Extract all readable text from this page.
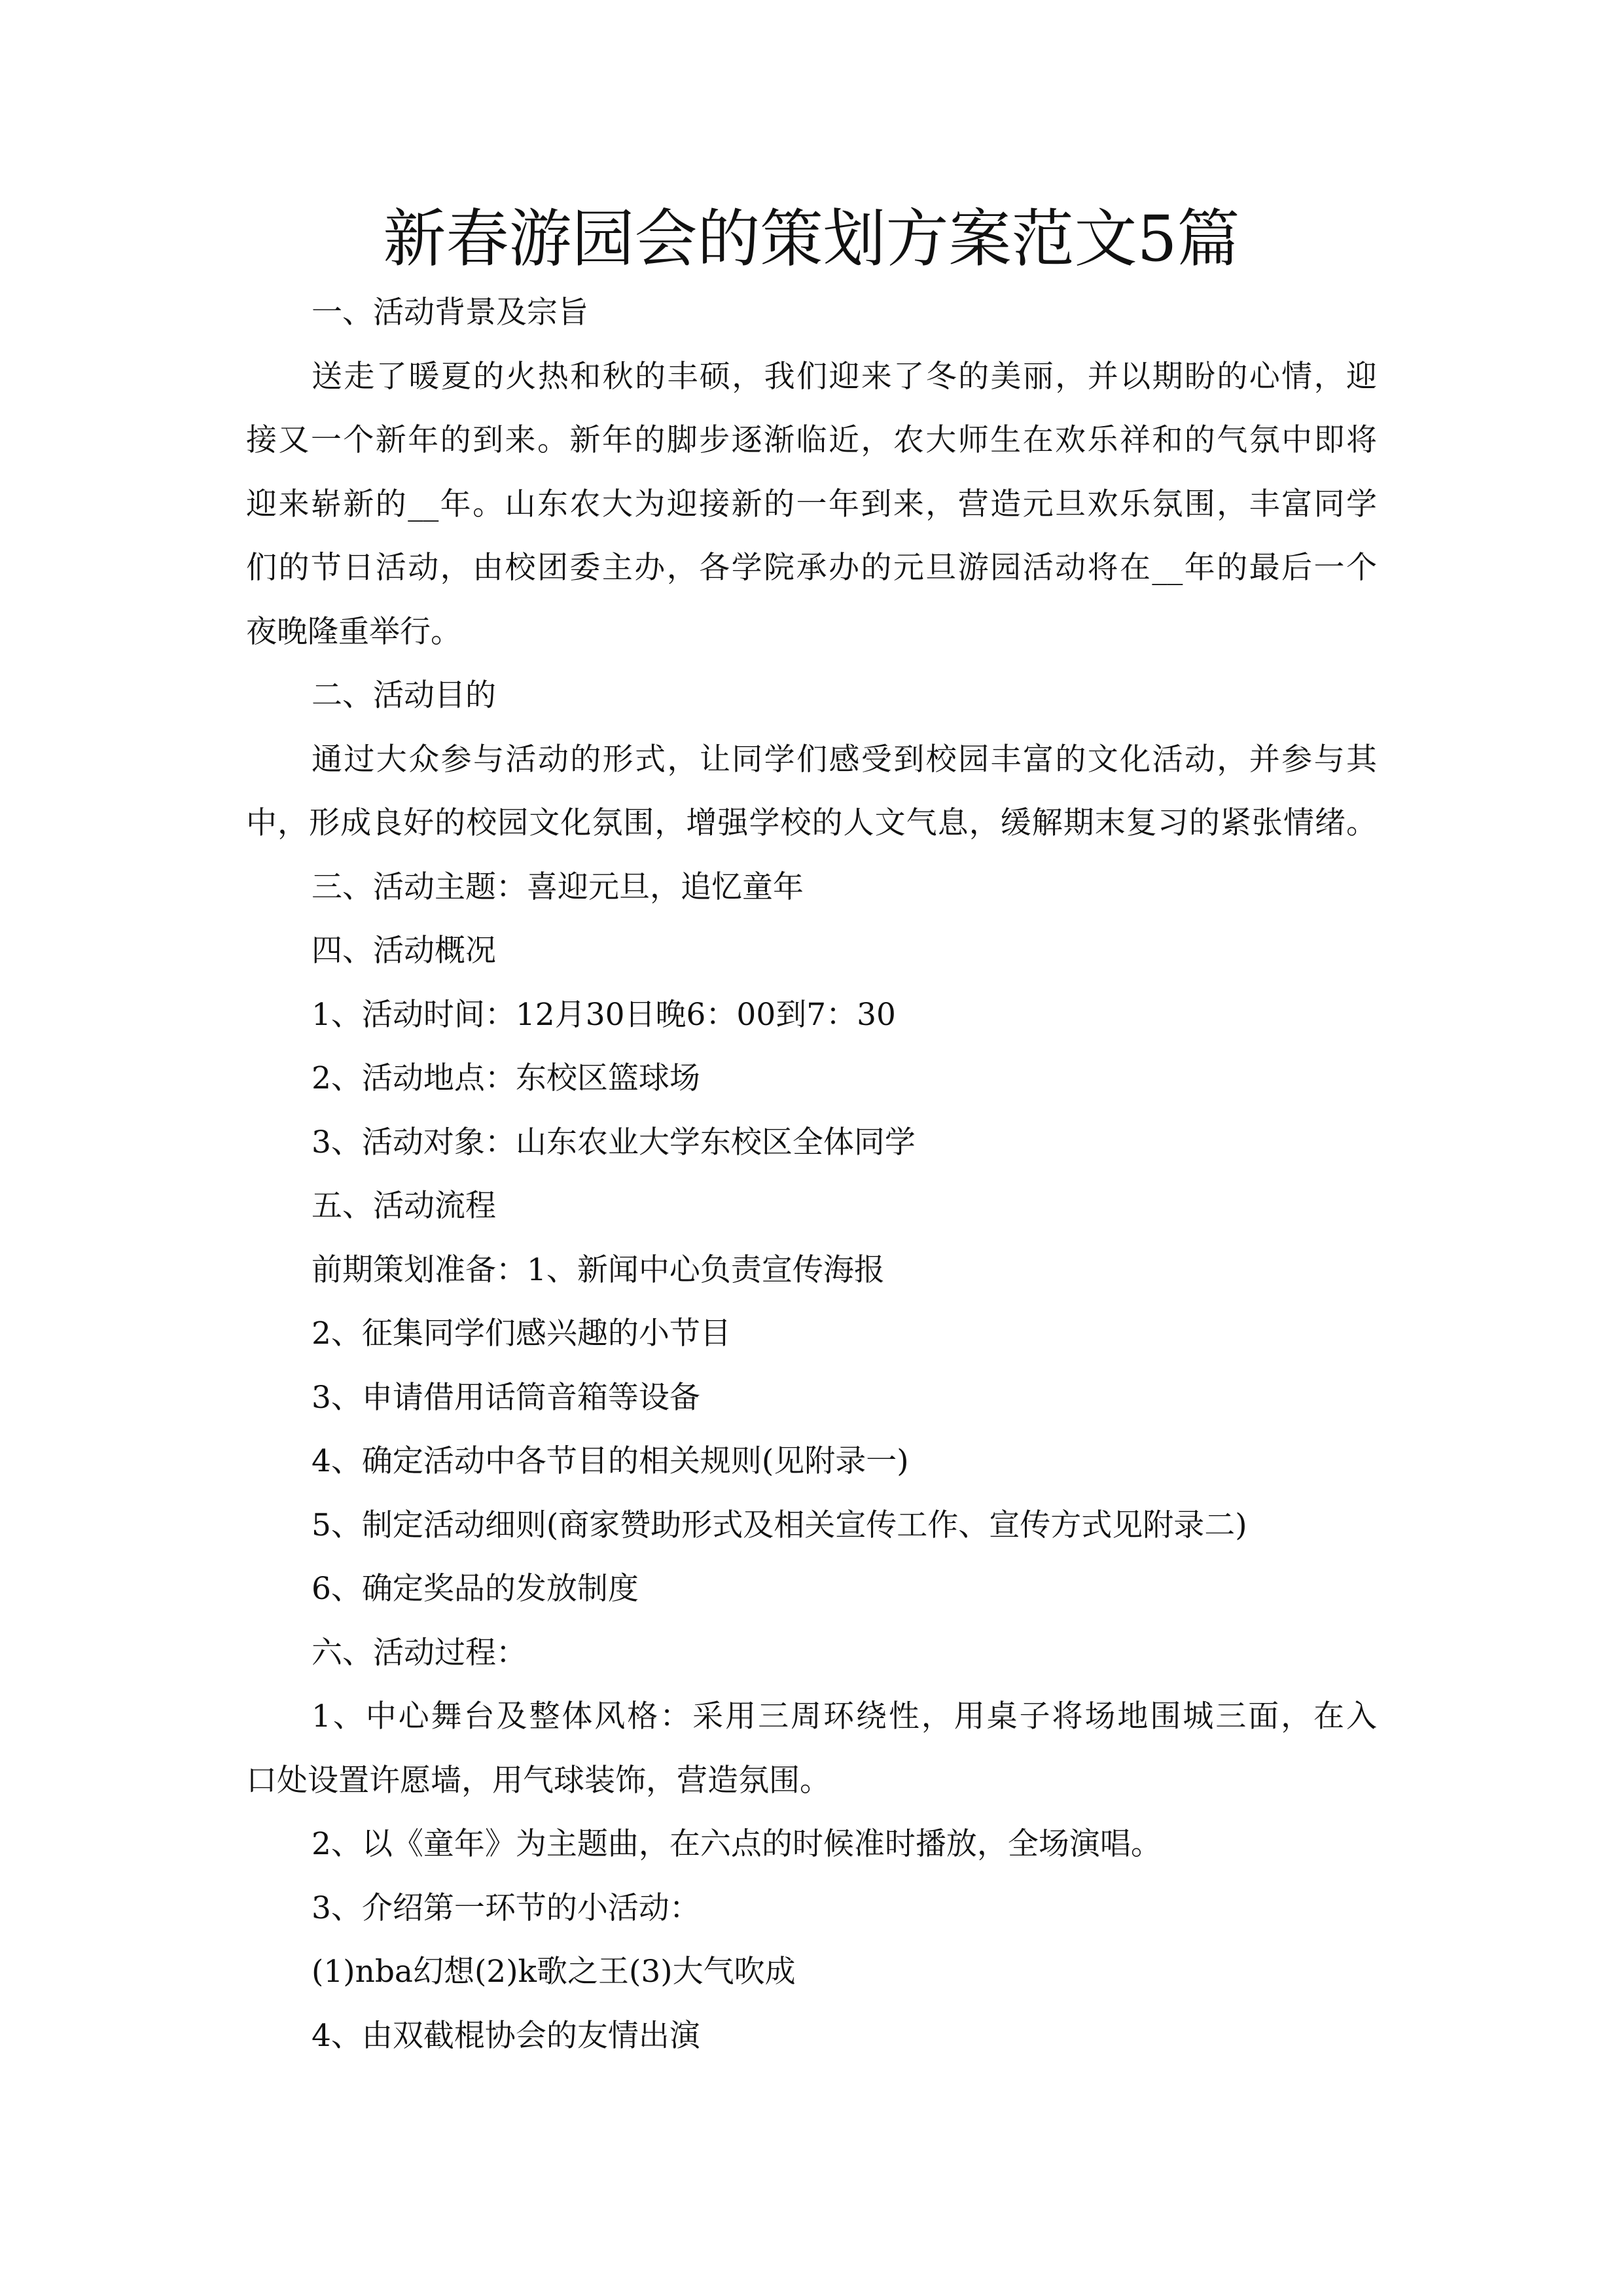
新春游园会的策划方案范文5篇
一、活动背景及宗旨
送走了暖夏的火热和秋的丰硕，我们迎来了冬的美丽，并以期盼的心情，迎
接又一个新年的到来。新年的脚步逐渐临近，农大师生在欢乐祥和的气氛中即将
迎来崭新的__年。山东农大为迎接新的一年到来，营造元旦欢乐氛围，丰富同学
们的节日活动，由校团委主办，各学院承办的元旦游园活动将在__年的最后一个
夜晚隆重举行。
二、活动目的
通过大众参与活动的形式，让同学们感受到校园丰富的文化活动，并参与其
中，形成良好的校园文化氛围，增强学校的人文气息，缓解期末复习的紧张情绪。
三、活动主题：喜迎元旦，追忆童年
四、活动概况
1、活动时间：12月30日晚6：00到7：30
2、活动地点：东校区篮球场
3、活动对象：山东农业大学东校区全体同学
五、活动流程
前期策划准备：1、新闻中心负责宣传海报
2、征集同学们感兴趣的小节目
3、申请借用话筒音箱等设备
4、确定活动中各节目的相关规则(见附录一)
5、制定活动细则(商家赞助形式及相关宣传工作、宣传方式见附录二)
6、确定奖品的发放制度
六、活动过程：
1、中心舞台及整体风格：采用三周环绕性，用桌子将场地围城三面，在入
口处设置许愿墙，用气球装饰，营造氛围。
2、以《童年》为主题曲，在六点的时候准时播放，全场演唱。
3、介绍第一环节的小活动：
(1)nba幻想(2)k歌之王(3)大气吹成
4、由双截棍协会的友情出演
